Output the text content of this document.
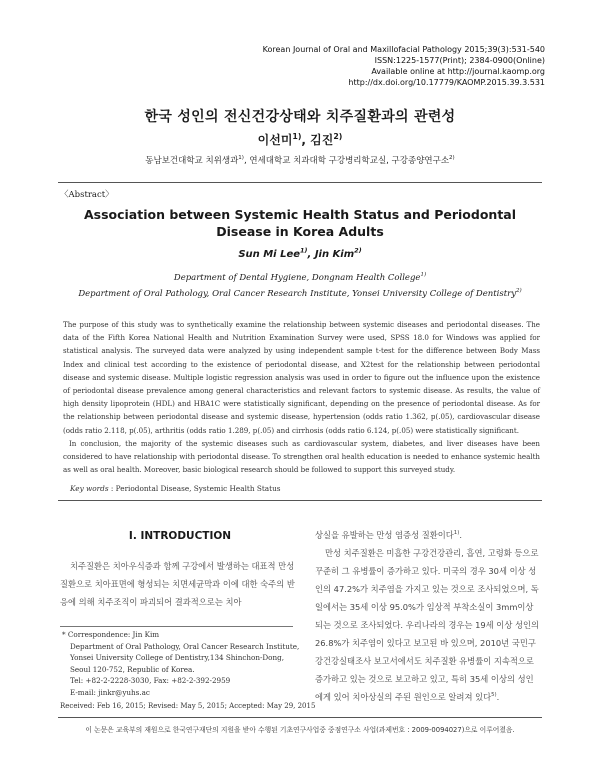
Korean Journal of Oral and Maxillofacial Pathology 2015;39(3):531-540
ISSN:1225-1577(Print); 2384-0900(Online)
Available online at http://journal.kaomp.org
http://dx.doi.org/10.17779/KAOMP.2015.39.3.531
한국 성인의 전신건강상태와 치주질환과의 관련성
이선미$^{1)}$, 김진$^{2)}$
동남보건대학교 치위생과$^{1)}$, 연세대학교 치과대학 구강병리학교실, 구강종양연구소$^{2)}$
〈Abstract〉
Association between Systemic Health Status and Periodontal Disease in Korea Adults
Sun Mi Lee$^{1)}$, Jin Kim$^{2)}$
Department of Dental Hygiene, Dongnam Health College$^{1)}$
Department of Oral Pathology, Oral Cancer Research Institute, Yonsei University College of Dentistry$^{2)}$

The purpose of this study was to synthetically examine the relationship between systemic diseases and periodontal diseases. The data of the Fifth Korea National Health and Nutrition Examination Survey were used, SPSS 18.0 for Windows was applied for statistical analysis. The surveyed data were analyzed by using independent sample t-test for the difference between Body Mass Index and clinical test according to the existence of periodontal disease, and X2test for the relationship between periodontal disease and systemic disease. Multiple logistic regression analysis was used in order to figure out the influence upon the existence of periodontal disease prevalence among general characteristics and relevant factors to systemic disease. As results, the value of high density lipoprotein (HDL) and HBA1C were statistically significant, depending on the presence of periodontal disease. As for the relationship between periodontal disease and systemic disease, hypertension (odds ratio 1.362, p(.05), cardiovascular disease (odds ratio 2.118, p(.05), arthritis (odds ratio 1.289, p(.05) and cirrhosis (odds ratio 6.124, p(.05) were statistically significant.

In conclusion, the majority of the systemic diseases such as cardiovascular system, diabetes, and liver diseases have been considered to have relationship with periodontal disease. To strengthen oral health education is needed to enhance systemic health as well as oral health. Moreover, basic biological research should be followed to support this surveyed study.

Key words : Periodontal Disease, Systemic Health Status
Ⅰ. INTRODUCTION

치주질환은 치아우식증과 함께 구강에서 발생하는 대표적 만성질환으로 치아표면에 형성되는 치면세균막과 이에 대한 숙주의 반응에 의해 치주조직이 파괴되어 결과적으로는 치아

상실을 유발하는 만성 염증성 질환이다$^{1)}$.

만성 치주질환은 미흡한 구강건강관리, 흡연, 고령화 등으로 꾸준히 그 유병률이 증가하고 있다. 미국의 경우 30세 이상 성인의 47.2%가 치주염을 가지고 있는 것으로 조사되었으며, 독일에서는 35세 이상 95.0%가 임상적 부착소실이 3mm이상 되는 것으로 조사되었다. 우리나라의 경우는 19세 이상 성인의 26.8%가 치주염이 있다고 보고된 바 있으며, 2010년 국민구강건강실태조사 보고서에서도 치주질환 유병률이 지속적으로 증가하고 있는 것으로 보고하고 있고, 특히 35세 이상의 성인에게 있어 치아상실의 주된 원인으로 알려져 있다$^{5)}$.

* Correspondence: Jin Kim
Department of Oral Pathology, Oral Cancer Research Institute,
Yonsei University College of Dentistry,134 Shinchon-Dong,
Seoul 120-752, Republic of Korea.
Tel: +82-2-2228-3030, Fax: +82-2-392-2959
E-mail: jinkr@yuhs.ac
Received: Feb 16, 2015; Revised: May 5, 2015; Accepted: May 29, 2015
이 논문은 교육부의 재원으로 한국연구재단의 지원을 받아 수행된 기초연구사업중 중점연구소 사업(과제번호 : 2009-0094027)으로 이루어졌음.
